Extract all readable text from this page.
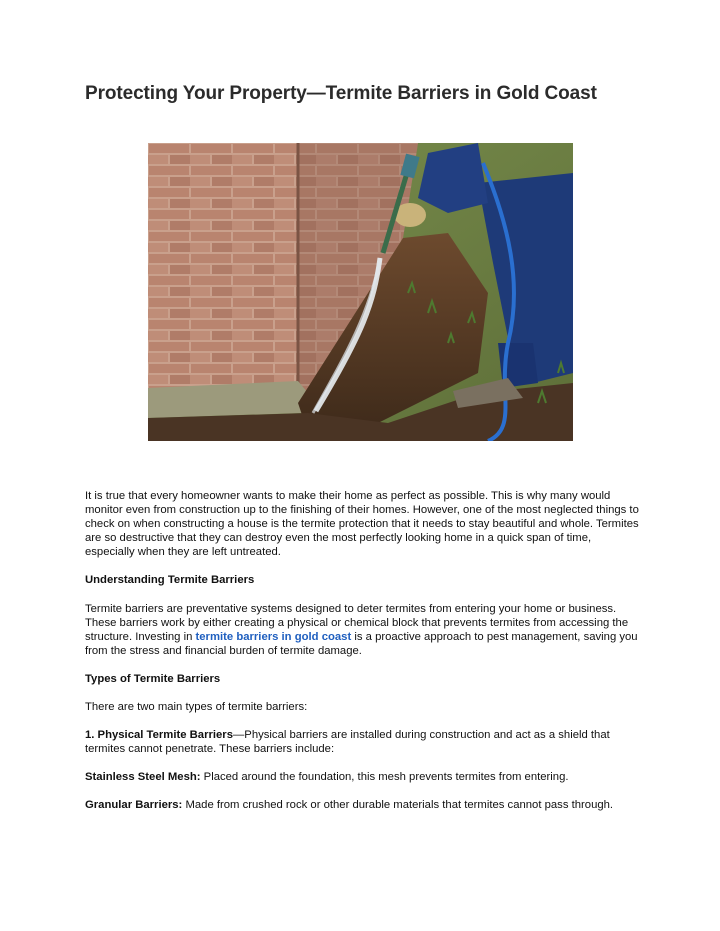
Protecting Your Property—Termite Barriers in Gold Coast

It is true that every homeowner wants to make their home as perfect as possible. This is why many would monitor even from construction up to the finishing of their homes. However, one of the most neglected things to check on when constructing a house is the termite protection that it needs to stay beautiful and whole. Termites are so destructive that they can destroy even the most perfectly looking home in a quick span of time, especially when they are left untreated.

Understanding Termite Barriers

Termite barriers are preventative systems designed to deter termites from entering your home or business. These barriers work by either creating a physical or chemical block that prevents termites from accessing the structure. Investing in termite barriers in gold coast is a proactive approach to pest management, saving you from the stress and financial burden of termite damage.

Types of Termite Barriers

There are two main types of termite barriers:

1. Physical Termite Barriers—Physical barriers are installed during construction and act as a shield that termites cannot penetrate. These barriers include:

Stainless Steel Mesh: Placed around the foundation, this mesh prevents termites from entering.

Granular Barriers: Made from crushed rock or other durable materials that termites cannot pass through.
